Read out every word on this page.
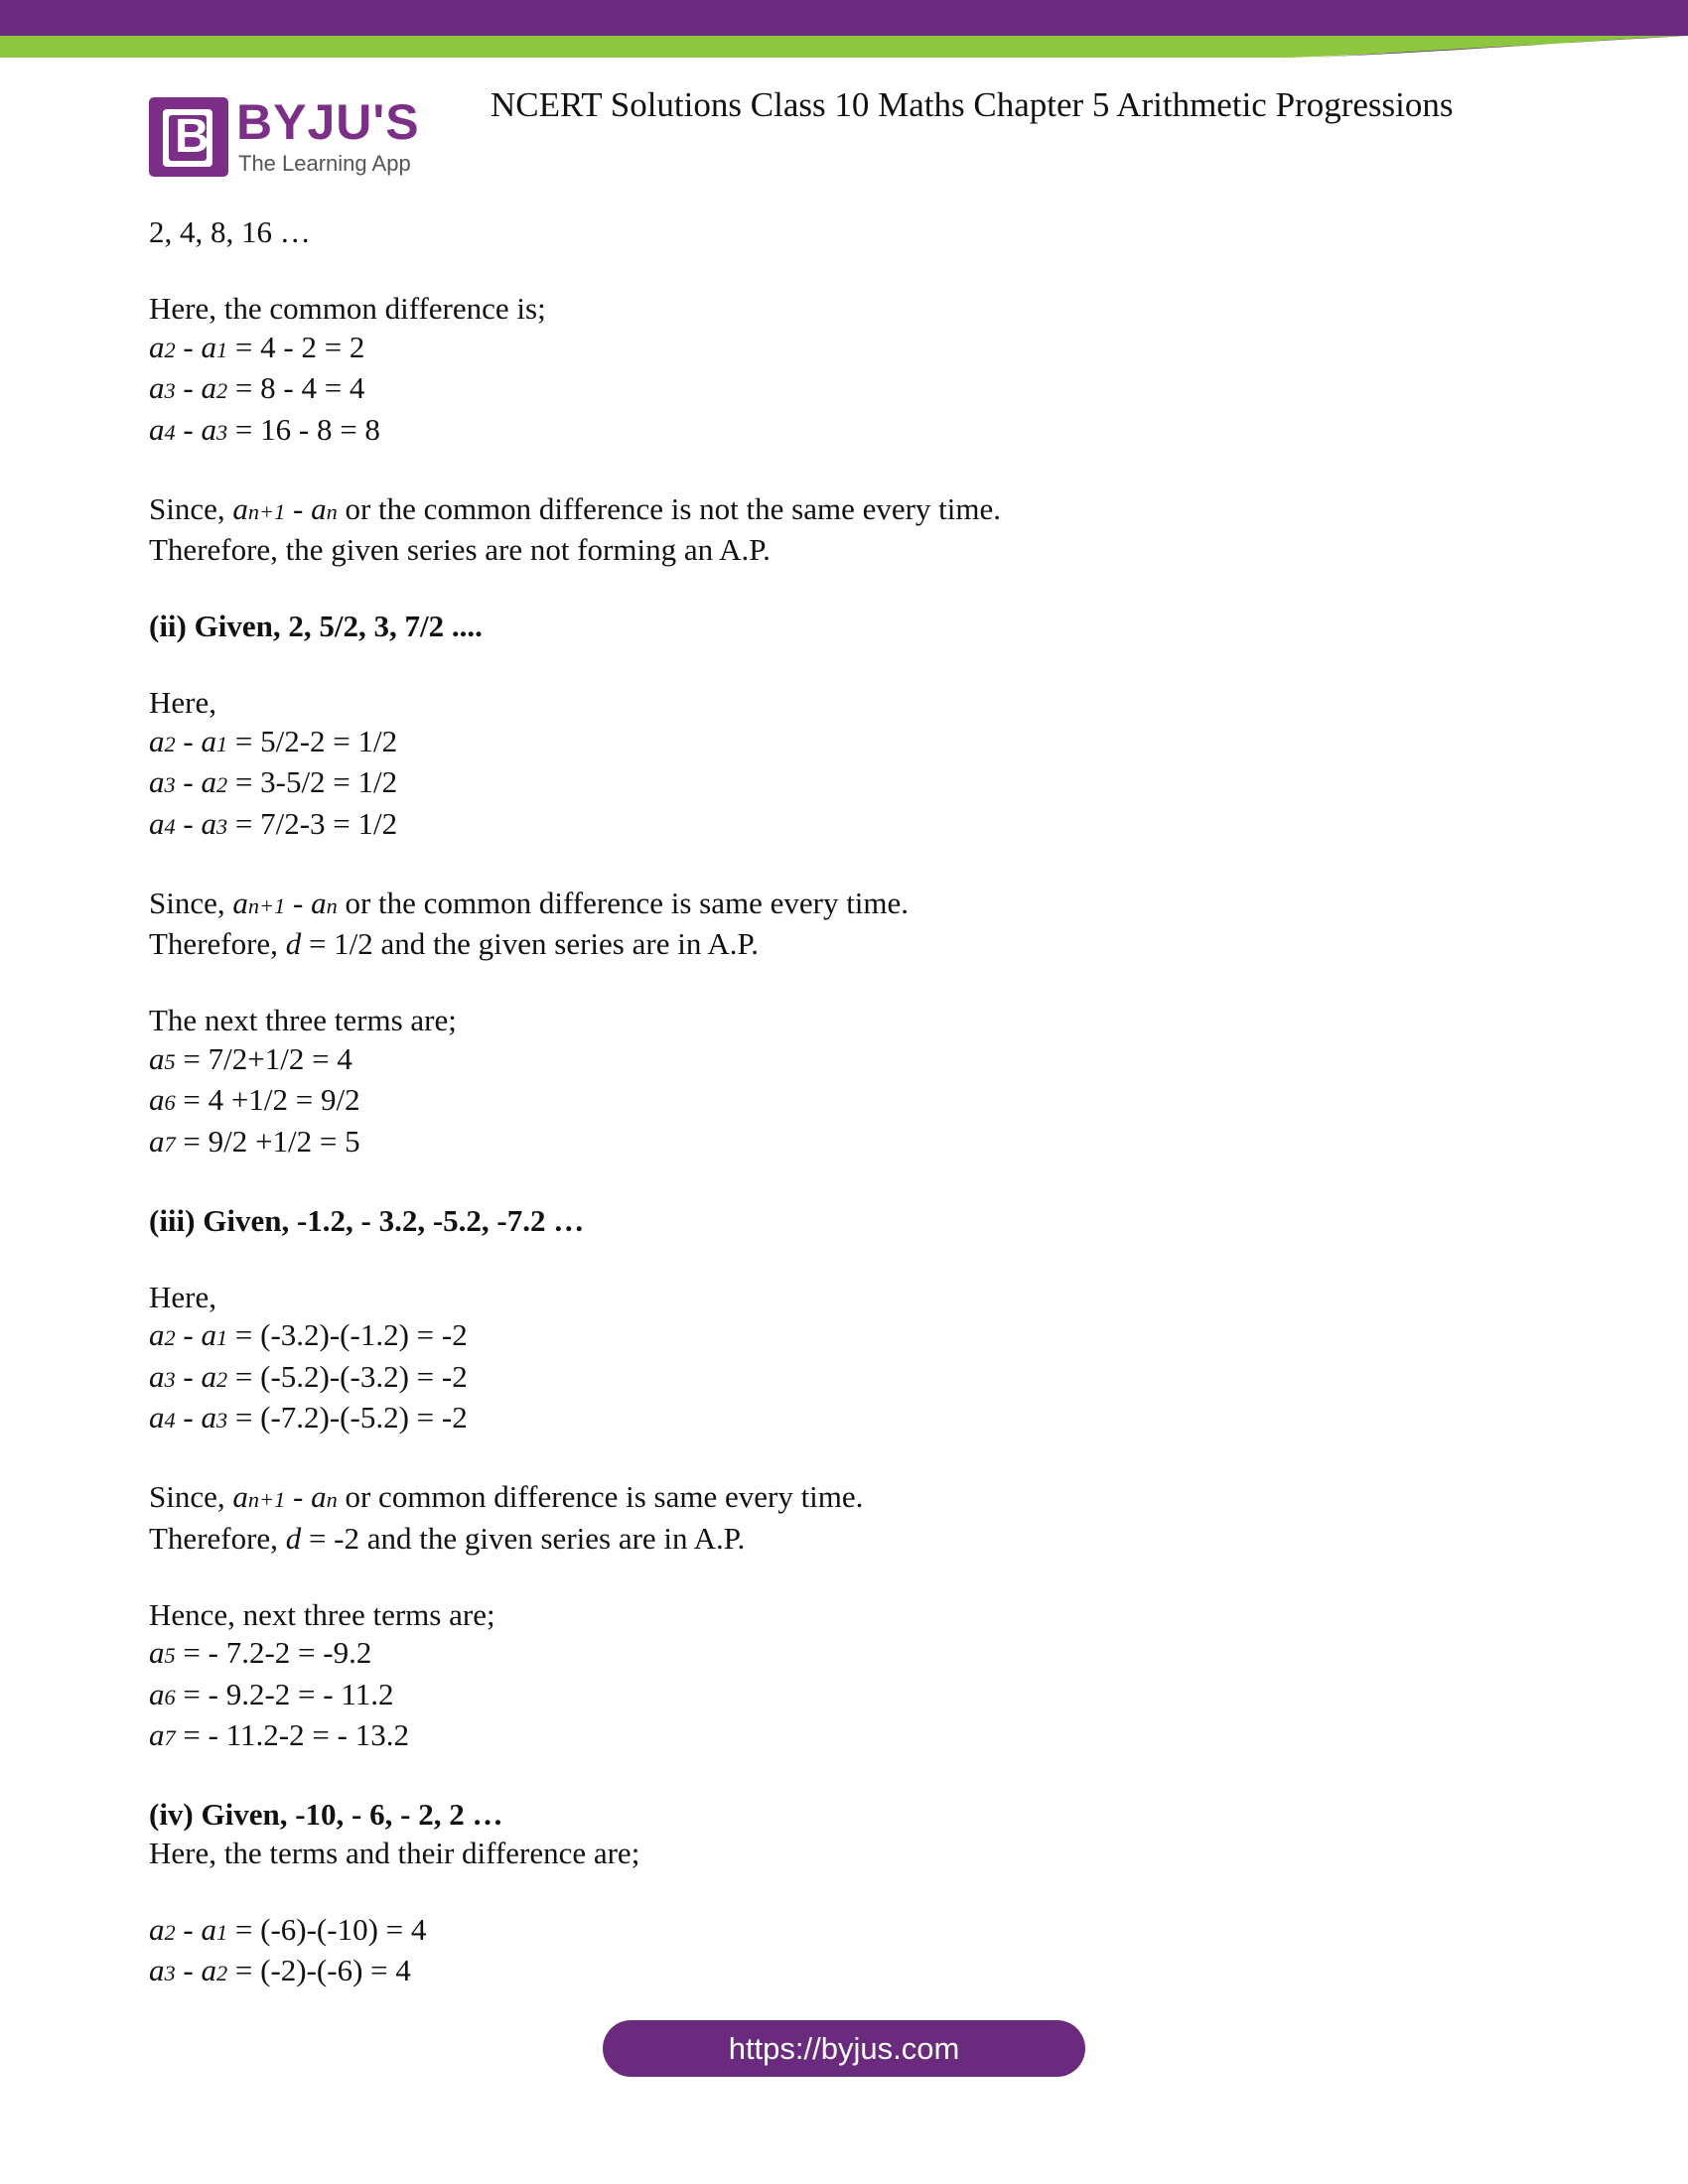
B BYJU'S
The Learning App
NCERT Solutions Class 10 Maths Chapter 5 Arithmetic Progressions

2, 4, 8, 16 …

Here, the common difference is;

a2 - a1 = 4 - 2 = 2

a3 - a2 = 8 - 4 = 4

a4 - a3 = 16 - 8 = 8

Since, an+1 - an or the common difference is not the same every time.

Therefore, the given series are not forming an A.P.

(ii) Given, 2, 5/2, 3, 7/2 ....

Here,

a2 - a1 = 5/2-2 = 1/2

a3 - a2 = 3-5/2 = 1/2

a4 - a3 = 7/2-3 = 1/2

Since, an+1 - an or the common difference is same every time.

Therefore, d = 1/2 and the given series are in A.P.

The next three terms are;

a5 = 7/2+1/2 = 4

a6 = 4 +1/2 = 9/2

a7 = 9/2 +1/2 = 5

(iii) Given, -1.2, - 3.2, -5.2, -7.2 …

Here,

a2 - a1 = (-3.2)-(-1.2) = -2

a3 - a2 = (-5.2)-(-3.2) = -2

a4 - a3 = (-7.2)-(-5.2) = -2

Since, an+1 - an or common difference is same every time.

Therefore, d = -2 and the given series are in A.P.

Hence, next three terms are;

a5 = - 7.2-2 = -9.2

a6 = - 9.2-2 = - 11.2

a7 = - 11.2-2 = - 13.2

(iv) Given, -10, - 6, - 2, 2 …

Here, the terms and their difference are;

a2 - a1 = (-6)-(-10) = 4

a3 - a2 = (-2)-(-6) = 4

https://byjus.com
